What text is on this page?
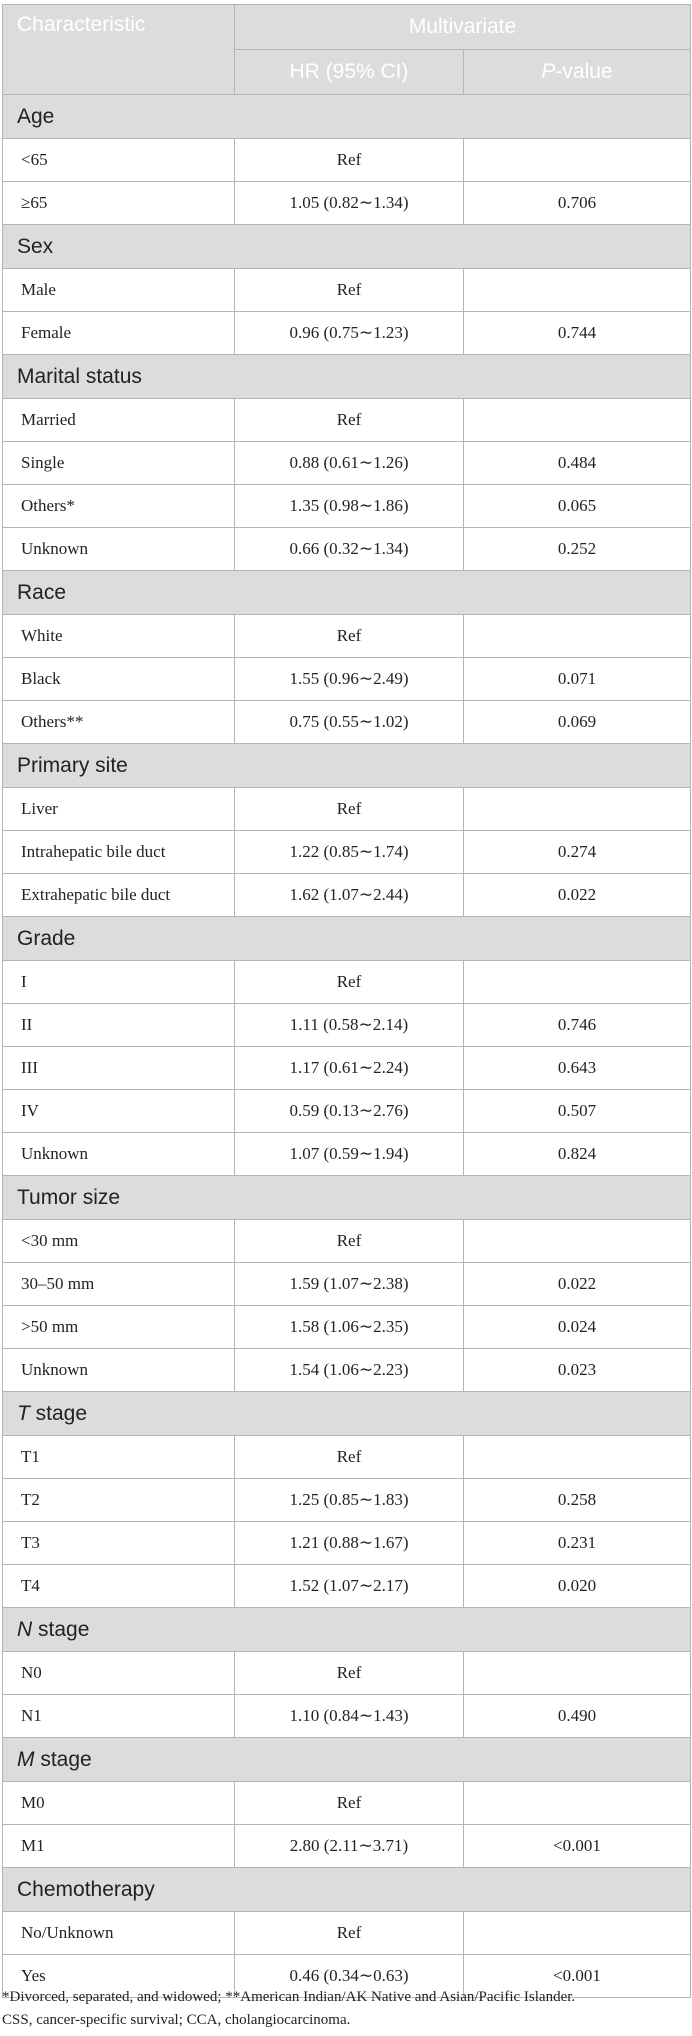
Characteristic	Multivariate	
	HR (95% CI)	P-value
Age		
<65	Ref	
≥65	1.05 (0.82∼1.34)	0.706
Sex		
Male	Ref	
Female	0.96 (0.75∼1.23)	0.744
Marital status		
Married	Ref	
Single	0.88 (0.61∼1.26)	0.484
Others*	1.35 (0.98∼1.86)	0.065
Unknown	0.66 (0.32∼1.34)	0.252
Race		
White	Ref	
Black	1.55 (0.96∼2.49)	0.071
Others**	0.75 (0.55∼1.02)	0.069
Primary site		
Liver	Ref	
Intrahepatic bile duct	1.22 (0.85∼1.74)	0.274
Extrahepatic bile duct	1.62 (1.07∼2.44)	0.022
Grade		
I	Ref	
II	1.11 (0.58∼2.14)	0.746
III	1.17 (0.61∼2.24)	0.643
IV	0.59 (0.13∼2.76)	0.507
Unknown	1.07 (0.59∼1.94)	0.824
Tumor size		
<30 mm	Ref	
30–50 mm	1.59 (1.07∼2.38)	0.022
>50 mm	1.58 (1.06∼2.35)	0.024
Unknown	1.54 (1.06∼2.23)	0.023
T stage		
T1	Ref	
T2	1.25 (0.85∼1.83)	0.258
T3	1.21 (0.88∼1.67)	0.231
T4	1.52 (1.07∼2.17)	0.020
N stage		
N0	Ref	
N1	1.10 (0.84∼1.43)	0.490
M stage		
M0	Ref	
M1	2.80 (2.11∼3.71)	<0.001
Chemotherapy		
No/Unknown	Ref	
Yes	0.46 (0.34∼0.63)	<0.001

*Divorced, separated, and widowed; **American Indian/AK Native and Asian/Pacific Islander.

CSS, cancer-specific survival; CCA, cholangiocarcinoma.
